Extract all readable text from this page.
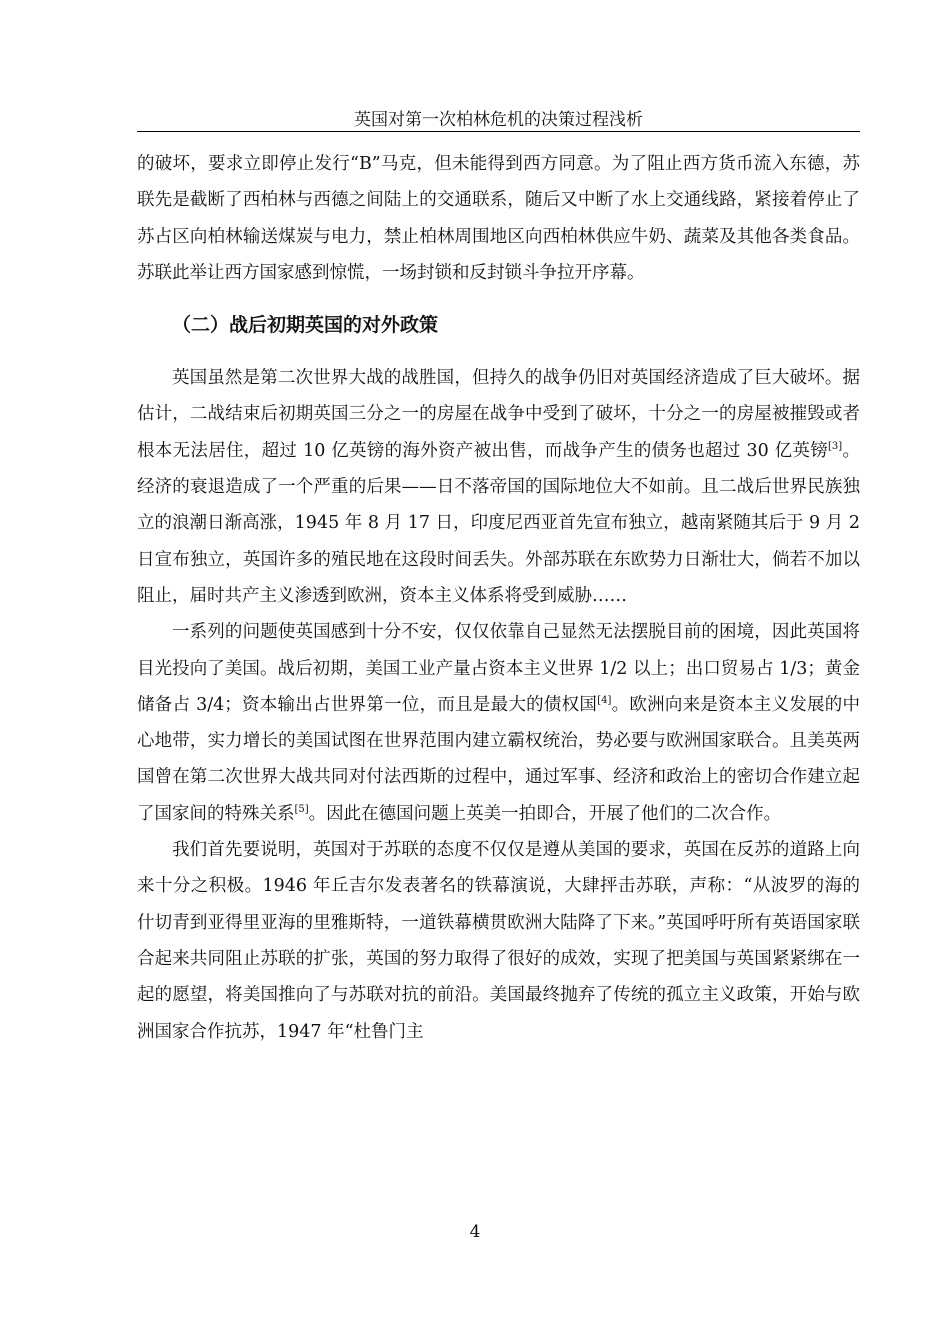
英国对第一次柏林危机的决策过程浅析

的破坏，要求立即停止发行“B”马克，但未能得到西方同意。为了阻止西方货币流入东德，苏联先是截断了西柏林与西德之间陆上的交通联系，随后又中断了水上交通线路，紧接着停止了苏占区向柏林输送煤炭与电力，禁止柏林周围地区向西柏林供应牛奶、蔬菜及其他各类食品。苏联此举让西方国家感到惊慌，一场封锁和反封锁斗争拉开序幕。

（二）战后初期英国的对外政策

英国虽然是第二次世界大战的战胜国，但持久的战争仍旧对英国经济造成了巨大破坏。据估计，二战结束后初期英国三分之一的房屋在战争中受到了破坏，十分之一的房屋被摧毁或者根本无法居住，超过 10 亿英镑的海外资产被出售，而战争产生的债务也超过 30 亿英镑[3]。经济的衰退造成了一个严重的后果——日不落帝国的国际地位大不如前。且二战后世界民族独立的浪潮日渐高涨，1945 年 8 月 17 日，印度尼西亚首先宣布独立，越南紧随其后于 9 月 2 日宣布独立，英国许多的殖民地在这段时间丢失。外部苏联在东欧势力日渐壮大，倘若不加以阻止，届时共产主义渗透到欧洲，资本主义体系将受到威胁……

一系列的问题使英国感到十分不安，仅仅依靠自己显然无法摆脱目前的困境，因此英国将目光投向了美国。战后初期，美国工业产量占资本主义世界 1/2 以上；出口贸易占 1/3；黄金储备占 3/4；资本输出占世界第一位，而且是最大的债权国[4]。欧洲向来是资本主义发展的中心地带，实力增长的美国试图在世界范围内建立霸权统治，势必要与欧洲国家联合。且美英两国曾在第二次世界大战共同对付法西斯的过程中，通过军事、经济和政治上的密切合作建立起了国家间的特殊关系[5]。因此在德国问题上英美一拍即合，开展了他们的二次合作。

我们首先要说明，英国对于苏联的态度不仅仅是遵从美国的要求，英国在反苏的道路上向来十分之积极。1946 年丘吉尔发表著名的铁幕演说，大肆抨击苏联，声称：“从波罗的海的什切青到亚得里亚海的里雅斯特，一道铁幕横贯欧洲大陆降了下来。”英国呼吁所有英语国家联合起来共同阻止苏联的扩张，英国的努力取得了很好的成效，实现了把美国与英国紧紧绑在一起的愿望，将美国推向了与苏联对抗的前沿。美国最终抛弃了传统的孤立主义政策，开始与欧洲国家合作抗苏，1947 年“杜鲁门主

4
